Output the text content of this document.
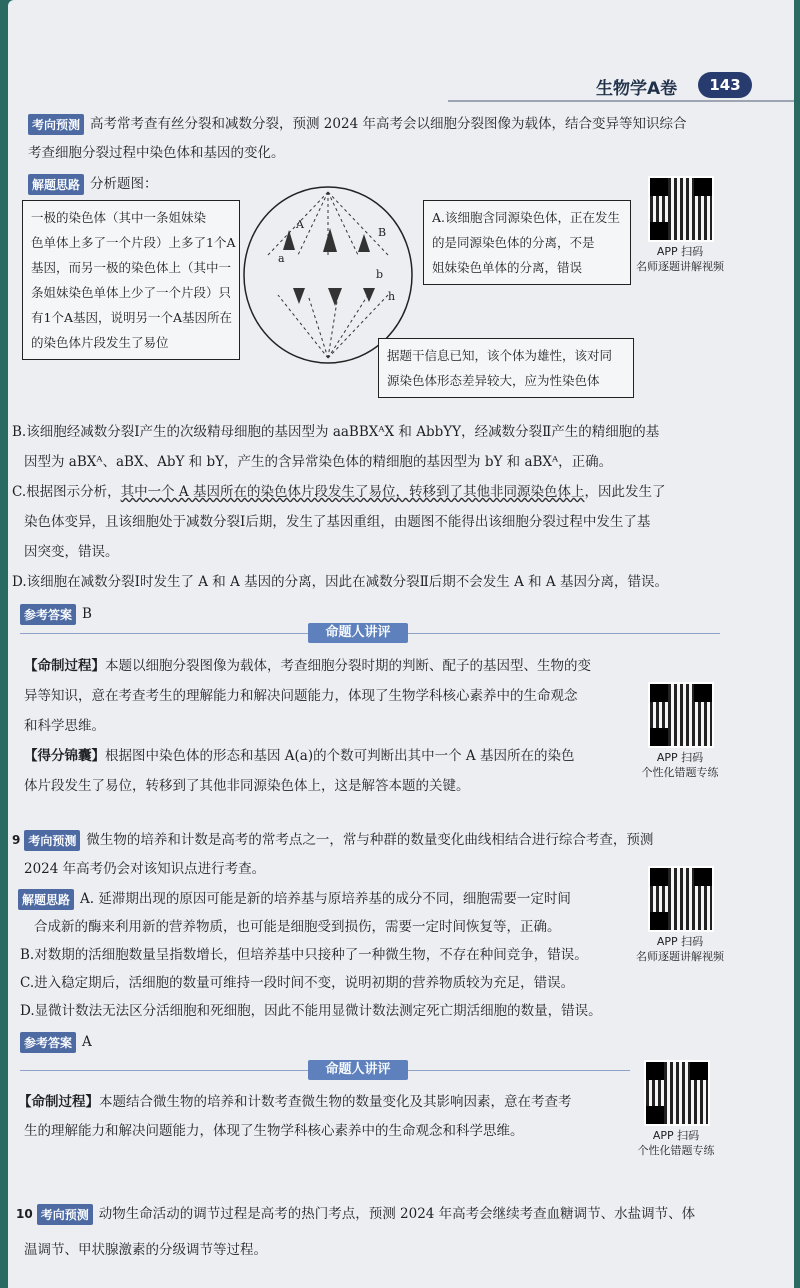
生物学A卷	143
考向预测 高考常考查有丝分裂和减数分裂，预测 2024 年高考会以细胞分裂图像为载体，结合变异等知识综合
考查细胞分裂过程中染色体和基因的变化。
解题思路 分析题图：
一极的染色体（其中一条姐妹染
色单体上多了一个片段）上多了1个A
基因，而另一极的染色体上（其中一
条姐妹染色单体上少了一个片段）只
有1个A基因，说明另一个A基因所在
的染色体片段发生了易位
A
a
B
b
h
A.该细胞含同源染色体，正在发生
的是同源染色体的分离，不是
姐妹染色单体的分离，错误
据题干信息已知，该个体为雄性，该对同
源染色体形态差异较大，应为性染色体
APP 扫码
名师逐题讲解视频
B.该细胞经减数分裂Ⅰ产生的次级精母细胞的基因型为 aaBBXᴬX 和 AbbYY，经减数分裂Ⅱ产生的精细胞的基
因型为 aBXᴬ、aBX、AbY 和 bY，产生的含异常染色体的精细胞的基因型为 bY 和 aBXᴬ，正确。
C.根据图示分析，其中一个 A 基因所在的染色体片段发生了易位，转移到了其他非同源染色体上，因此发生了
染色体变异，且该细胞处于减数分裂Ⅰ后期，发生了基因重组，由题图不能得出该细胞分裂过程中发生了基
因突变，错误。
D.该细胞在减数分裂Ⅰ时发生了 A 和 A 基因的分离，因此在减数分裂Ⅱ后期不会发生 A 和 A 基因分离，错误。
参考答案 B
命题人讲评
【命制过程】本题以细胞分裂图像为载体，考查细胞分裂时期的判断、配子的基因型、生物的变
异等知识，意在考查考生的理解能力和解决问题能力，体现了生物学科核心素养中的生命观念
和科学思维。
【得分锦囊】根据图中染色体的形态和基因 A(a)的个数可判断出其中一个 A 基因所在的染色
体片段发生了易位，转移到了其他非同源染色体上，这是解答本题的关键。
APP 扫码
个性化错题专练
9 考向预测 微生物的培养和计数是高考的常考点之一，常与种群的数量变化曲线相结合进行综合考查，预测
2024 年高考仍会对该知识点进行考查。
解题思路 A. 延滞期出现的原因可能是新的培养基与原培养基的成分不同，细胞需要一定时间
合成新的酶来利用新的营养物质，也可能是细胞受到损伤，需要一定时间恢复等，正确。
B.对数期的活细胞数量呈指数增长，但培养基中只接种了一种微生物，不存在种间竞争，错误。
C.进入稳定期后，活细胞的数量可维持一段时间不变，说明初期的营养物质较为充足，错误。
D.显微计数法无法区分活细胞和死细胞，因此不能用显微计数法测定死亡期活细胞的数量，错误。
参考答案 A
APP 扫码
名师逐题讲解视频
命题人讲评
【命制过程】本题结合微生物的培养和计数考查微生物的数量变化及其影响因素，意在考查考
生的理解能力和解决问题能力，体现了生物学科核心素养中的生命观念和科学思维。	APP 扫码
个性化错题专练
10 考向预测 动物生命活动的调节过程是高考的热门考点，预测 2024 年高考会继续考查血糖调节、水盐调节、体
温调节、甲状腺激素的分级调节等过程。
